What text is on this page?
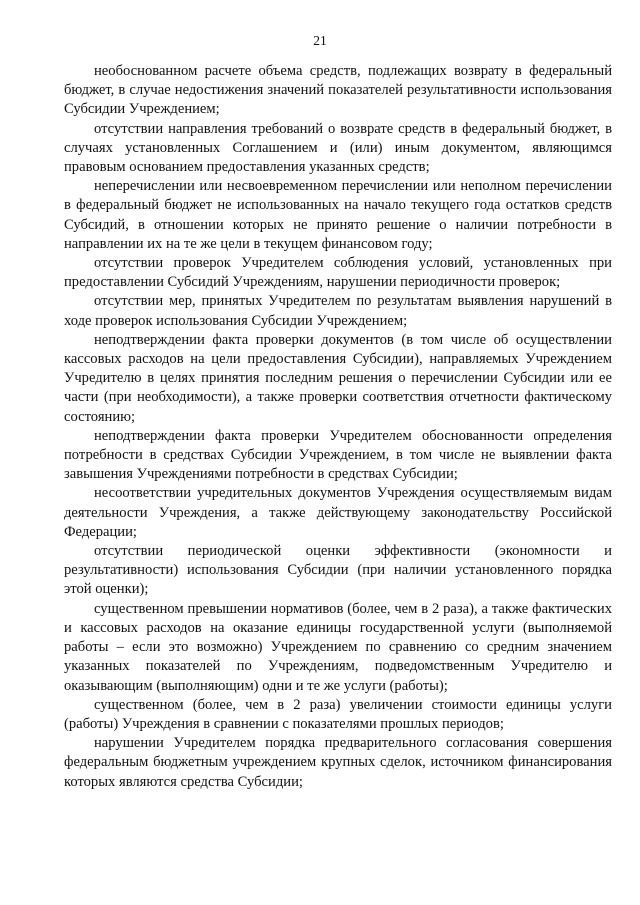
21

необоснованном расчете объема средств, подлежащих возврату в федеральный бюджет, в случае недостижения значений показателей результативности использования Субсидии Учреждением;

отсутствии направления требований о возврате средств в федеральный бюджет, в случаях установленных Соглашением и (или) иным документом, являющимся правовым основанием предоставления указанных средств;

неперечислении или несвоевременном перечислении или неполном перечислении в федеральный бюджет не использованных на начало текущего года остатков средств Субсидий, в отношении которых не принято решение о наличии потребности в направлении их на те же цели в текущем финансовом году;

отсутствии проверок Учредителем соблюдения условий, установленных при предоставлении Субсидий Учреждениям, нарушении периодичности проверок;

отсутствии мер, принятых Учредителем по результатам выявления нарушений в ходе проверок использования Субсидии Учреждением;

неподтверждении факта проверки документов (в том числе об осуществлении кассовых расходов на цели предоставления Субсидии), направляемых Учреждением Учредителю в целях принятия последним решения о перечислении Субсидии или ее части (при необходимости), а также проверки соответствия отчетности фактическому состоянию;

неподтверждении факта проверки Учредителем обоснованности определения потребности в средствах Субсидии Учреждением, в том числе не выявлении факта завышения Учреждениями потребности в средствах Субсидии;

несоответствии учредительных документов Учреждения осуществляемым видам деятельности Учреждения, а также действующему законодательству Российской Федерации;

отсутствии периодической оценки эффективности (экономности и результативности) использования Субсидии (при наличии установленного порядка этой оценки);

существенном превышении нормативов (более, чем в 2 раза), а также фактических и кассовых расходов на оказание единицы государственной услуги (выполняемой работы – если это возможно) Учреждением по сравнению со средним значением указанных показателей по Учреждениям, подведомственным Учредителю и оказывающим (выполняющим) одни и те же услуги (работы);

существенном (более, чем в 2 раза) увеличении стоимости единицы услуги (работы) Учреждения в сравнении с показателями прошлых периодов;

нарушении Учредителем порядка предварительного согласования совершения федеральным бюджетным учреждением крупных сделок, источником финансирования которых являются средства Субсидии;
